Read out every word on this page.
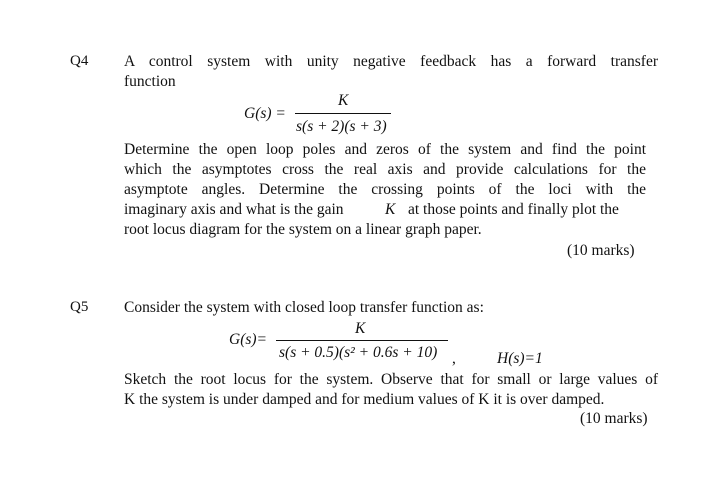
Q4 A control system with unity negative feedback has a forward transfer
function
G(s) =
K
s(s + 2)(s + 3)
Determine the open loop poles and zeros of the system and find the point
which the asymptotes cross the real axis and provide calculations for the
asymptote angles. Determine the crossing points of the loci with the
imaginary axis and what is the gain	K at those points and finally plot the
root locus diagram for the system on a linear graph paper.
(10 marks)
Q5 Consider the system with closed loop transfer function as:
G(s)=
K
s(s + 0.5)(s² + 0.6s + 10) ,	H(s)=1
Sketch the root locus for the system. Observe that for small or large values of
K the system is under damped and for medium values of K it is over damped.
(10 marks)
